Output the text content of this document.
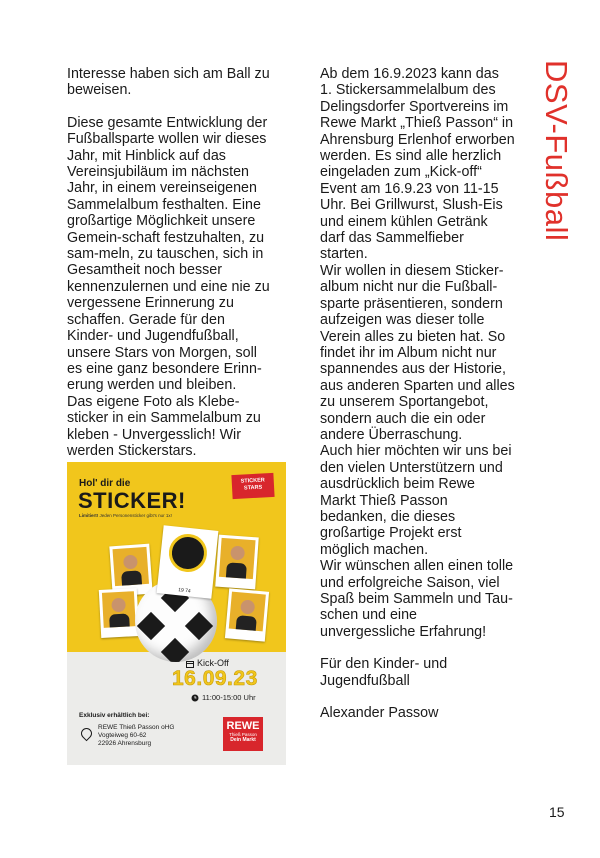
DSV-Fußball

Interesse haben sich am Ball zu
beweisen.

Diese gesamte Entwicklung der
Fußballsparte wollen wir dieses
Jahr, mit Hinblick auf das
Vereinsjubiläum im nächsten
Jahr, in einem vereinseigenen
Sammelalbum festhalten. Eine
großartige Möglichkeit unsere
Gemein-schaft festzuhalten, zu
sam-meln, zu tauschen, sich in
Gesamtheit noch besser
kennenzulernen und eine nie zu
vergessene Erinnerung zu
schaffen. Gerade für den
Kinder- und Jugendfußball,
unsere Stars von Morgen, soll
es eine ganz besondere Erinn-
erung werden und bleiben.
Das eigene Foto als Klebe-
sticker in ein Sammelalbum zu
kleben - Unvergesslich! Wir
werden Stickerstars.

Hol' dir die
STICKER!
Limitiert! Jeden Personensticker gibt's nur 1x!
STICKER
STARS
19 74
Kick-Off
16.09.23
11:00-15:00 Uhr
Exklusiv erhältlich bei:
REWE Thieß Passon oHG
Vogteiweg 60-62
22926 Ahrensburg
REWE
Thieß Passon
Dein Markt

Ab dem 16.9.2023 kann das
1. Stickersammelalbum des
Delingsdorfer Sportvereins im
Rewe Markt „Thieß Passon“ in
Ahrensburg Erlenhof erworben
werden. Es sind alle herzlich
eingeladen zum „Kick-off“
Event am 16.9.23 von 11-15
Uhr. Bei Grillwurst, Slush-Eis
und einem kühlen Getränk
darf das Sammelfieber
starten.
Wir wollen in diesem Sticker-
album nicht nur die Fußball-
sparte präsentieren, sondern
aufzeigen was dieser tolle
Verein alles zu bieten hat. So
findet ihr im Album nicht nur
spannendes aus der Historie,
aus anderen Sparten und alles
zu unserem Sportangebot,
sondern auch die ein oder
andere Überraschung.
Auch hier möchten wir uns bei
den vielen Unterstützern und
ausdrücklich beim Rewe
Markt Thieß Passon
bedanken, die dieses
großartige Projekt erst
möglich machen.
Wir wünschen allen einen tolle
und erfolgreiche Saison, viel
Spaß beim Sammeln und Tau-
schen und eine
unvergessliche Erfahrung!

Für den Kinder- und
Jugendfußball

Alexander Passow

15
